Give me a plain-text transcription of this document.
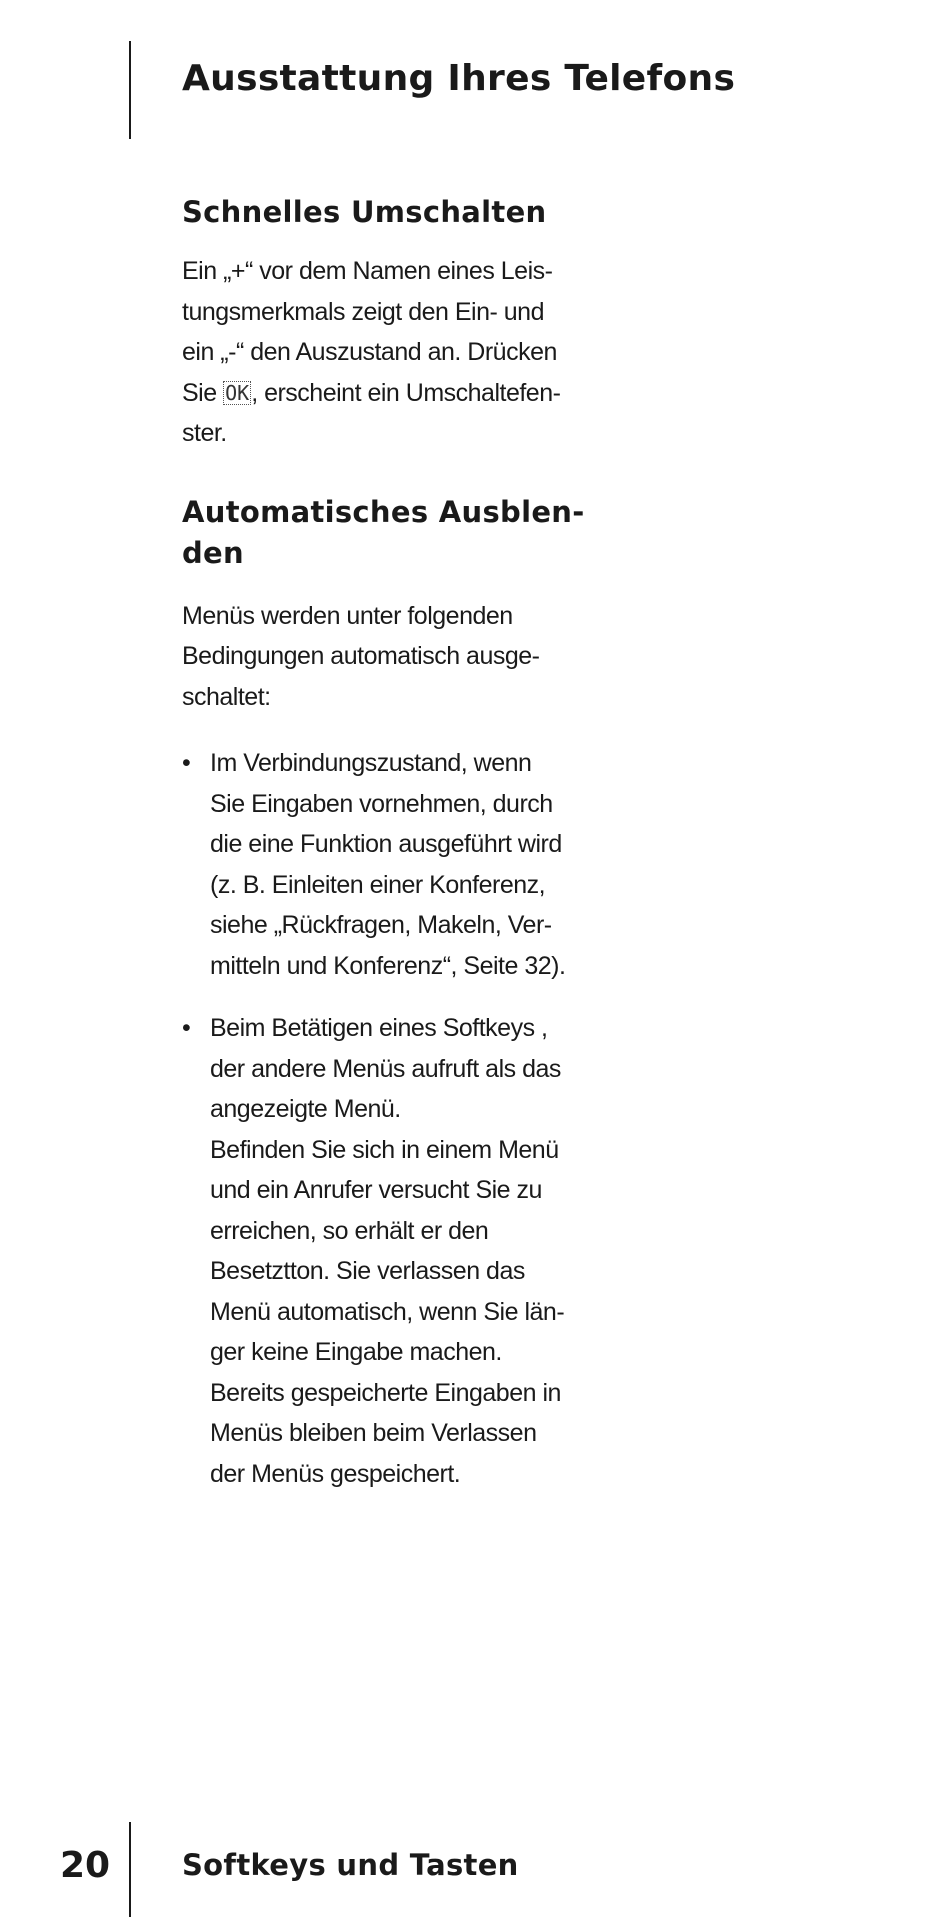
Ausstattung Ihres Telefons
Schnelles Umschalten
Ein „+“ vor dem Namen eines Leis-
tungsmerkmals zeigt den Ein- und
ein „-“ den Auszustand an. Drücken
Sie OK, erscheint ein Umschaltefen-
ster.
Automatisches Ausblen-
den
Menüs werden unter folgenden
Bedingungen automatisch ausge-
schaltet:
• Im Verbindungszustand, wenn
Sie Eingaben vornehmen, durch
die eine Funktion ausgeführt wird
(z. B. Einleiten einer Konferenz,
siehe „Rückfragen, Makeln, Ver-
mitteln und Konferenz“, Seite 32).
• Beim Betätigen eines Softkeys ,
der andere Menüs aufruft als das
angezeigte Menü.
Befinden Sie sich in einem Menü
und ein Anrufer versucht Sie zu
erreichen, so erhält er den
Besetztton. Sie verlassen das
Menü automatisch, wenn Sie län-
ger keine Eingabe machen.
Bereits gespeicherte Eingaben in
Menüs bleiben beim Verlassen
der Menüs gespeichert.
20 Softkeys und Tasten
